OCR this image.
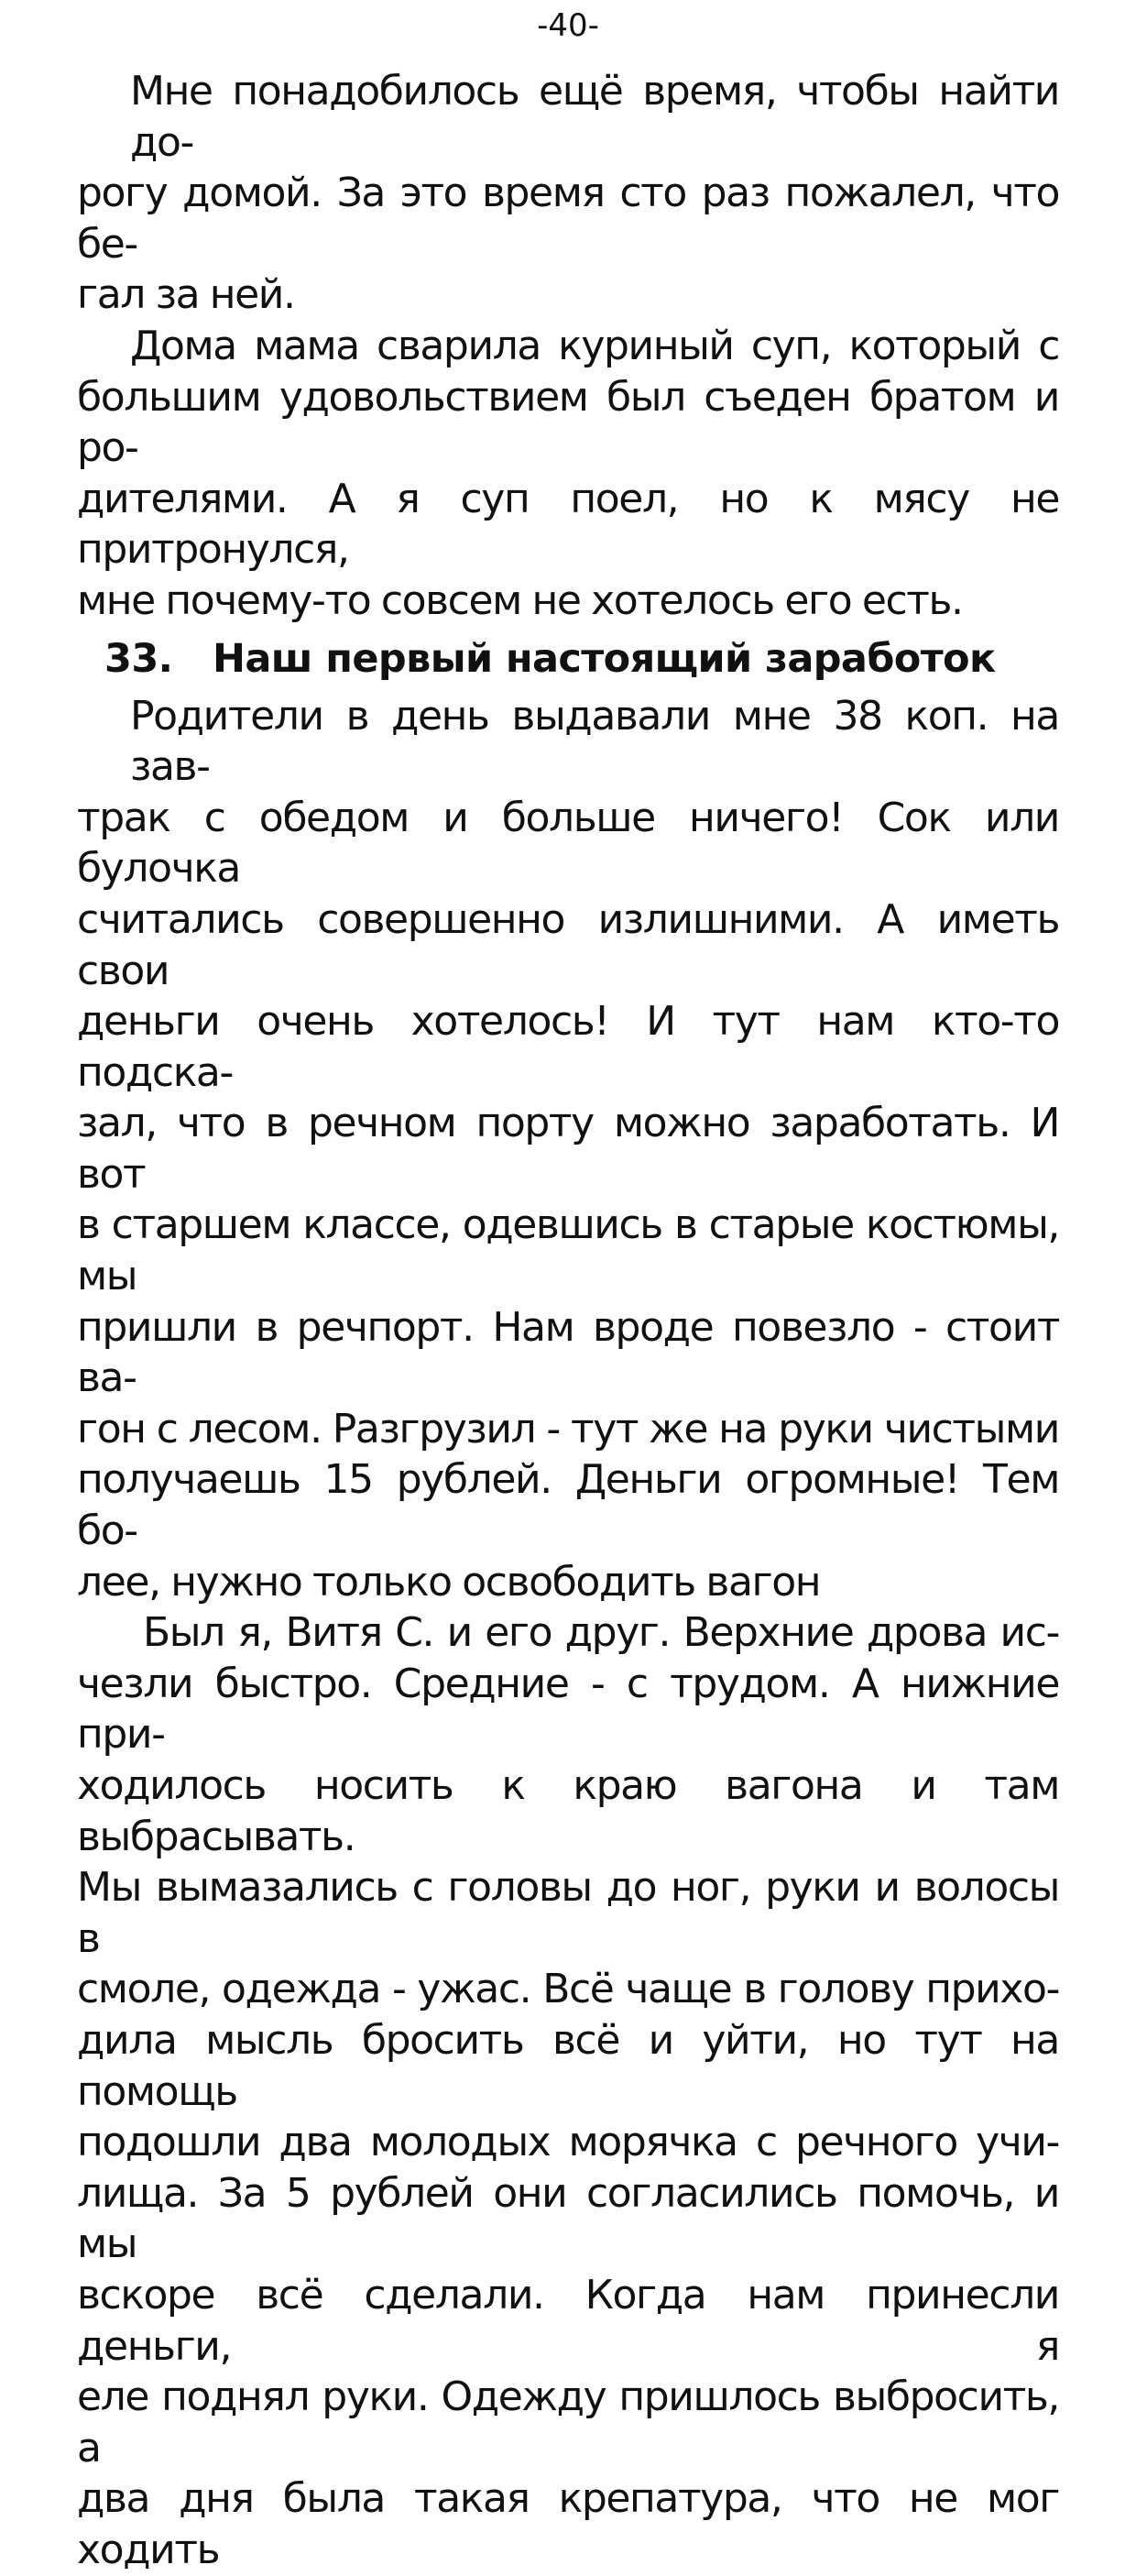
-40-
Мне понадобилось ещё время, чтобы найти до-
рогу домой. За это время сто раз пожалел, что бе-
гал за ней.
Дома мама сварила куриный суп, который с
большим удовольствием был съеден братом и ро-
дителями. А я суп поел, но к мясу не притронулся,
мне почему-то совсем не хотелось его есть.
33. Наш первый настоящий заработок
Родители в день выдавали мне 38 коп. на зав-
трак с обедом и больше ничего! Сок или булочка
считались совершенно излишними. А иметь свои
деньги очень хотелось! И тут нам кто-то подска-
зал, что в речном порту можно заработать. И вот
в старшем классе, одевшись в старые костюмы, мы
пришли в речпорт. Нам вроде повезло - стоит ва-
гон с лесом. Разгрузил - тут же на руки чистыми
получаешь 15 рублей. Деньги огромные! Тем бо-
лее, нужно только освободить вагон
Был я, Витя С. и его друг. Верхние дрова ис-
чезли быстро. Средние - с трудом. А нижние при-
ходилось носить к краю вагона и там выбрасывать.
Мы вымазались с головы до ног, руки и волосы в
смоле, одежда - ужас. Всё чаще в голову прихо-
дила мысль бросить всё и уйти, но тут на помощь
подошли два молодых морячка с речного учи-
лища. За 5 рублей они согласились помочь, и мы
вскоре всё сделали. Когда нам принесли деньги, я
еле поднял руки. Одежду пришлось выбросить, а
два дня была такая крепатура, что не мог ходить
